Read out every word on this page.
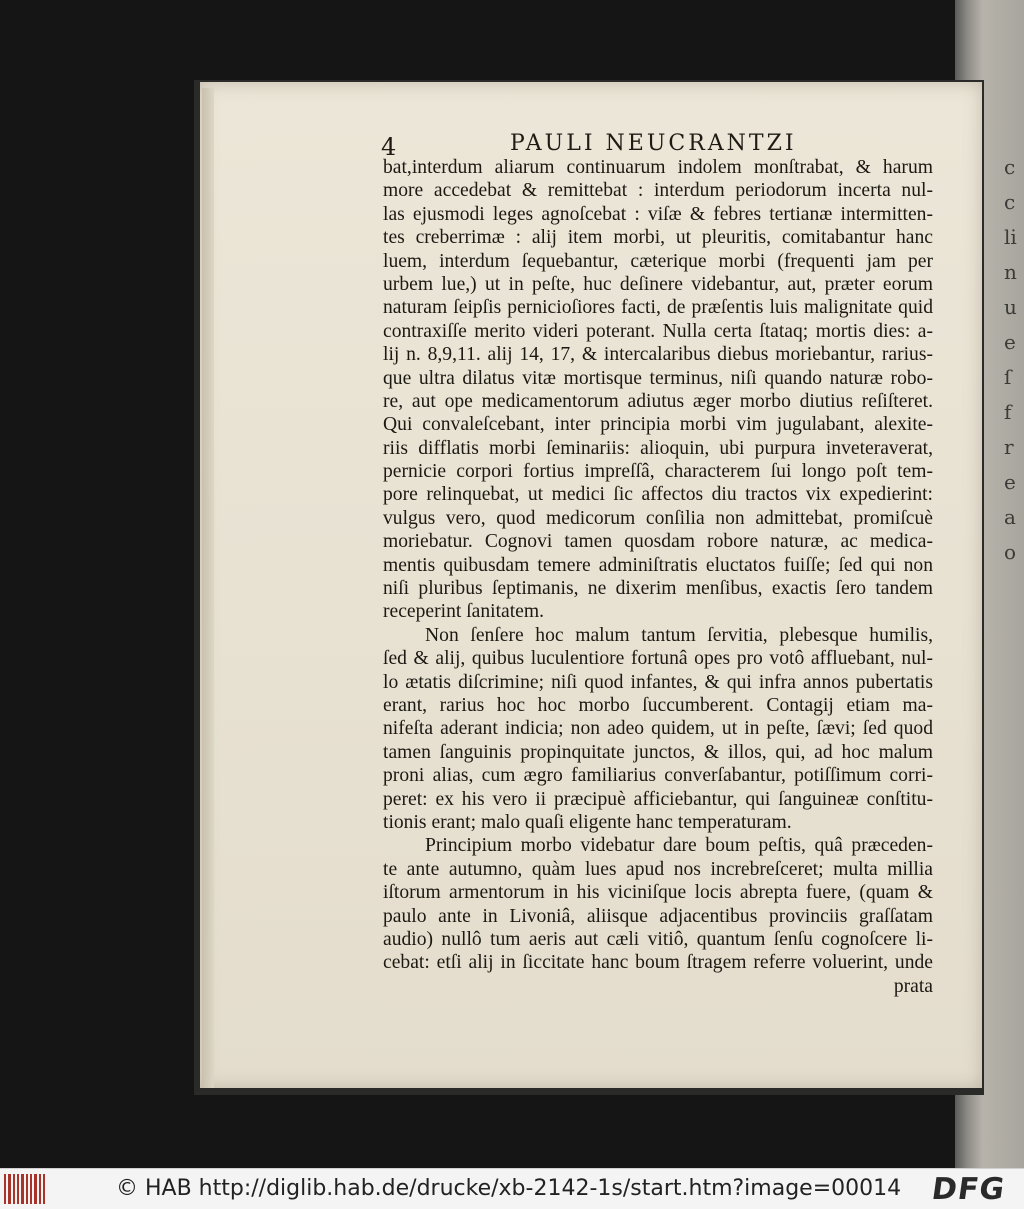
c
c
li
n
u
e
ſ
f
r
e
a
o
4	PAULI NEUCRANTZI
bat,interdum aliarum continuarum indolem monſtrabat, & harum
more accedebat & remittebat : interdum periodorum incerta nul-
las ejusmodi leges agnoſcebat : viſæ & febres tertianæ intermitten-
tes creberrimæ : alij item morbi, ut pleuritis, comitabantur hanc
luem, interdum ſequebantur, cæterique morbi (frequenti jam per
urbem lue,) ut in peſte, huc deſinere videbantur, aut, præter eorum
naturam ſeipſis pernicioſiores facti, de præſentis luis malignitate quid
contraxiſſe merito videri poterant. Nulla certa ſtataq; mortis dies: a-
lij n. 8,9,11. alij 14, 17, & intercalaribus diebus moriebantur, rarius-
que ultra dilatus vitæ mortisque terminus, niſi quando naturæ robo-
re, aut ope medicamentorum adiutus æger morbo diutius reſiſteret.
Qui convaleſcebant, inter principia morbi vim jugulabant, alexite-
riis difflatis morbi ſeminariis: alioquin, ubi purpura inveteraverat,
pernicie corpori fortius impreſſâ, characterem ſui longo poſt tem-
pore relinquebat, ut medici ſic affectos diu tractos vix expedierint:
vulgus vero, quod medicorum conſilia non admittebat, promiſcuè
moriebatur. Cognovi tamen quosdam robore naturæ, ac medica-
mentis quibusdam temere adminiſtratis eluctatos fuiſſe; ſed qui non
niſi pluribus ſeptimanis, ne dixerim menſibus, exactis ſero tandem
receperint ſanitatem.
Non ſenſere hoc malum tantum ſervitia, plebesque humilis,
ſed & alij, quibus luculentiore fortunâ opes pro votô affluebant, nul-
lo ætatis diſcrimine; niſi quod infantes, & qui infra annos pubertatis
erant, rarius hoc hoc morbo ſuccumberent. Contagij etiam ma-
nifeſta aderant indicia; non adeo quidem, ut in peſte, ſævi; ſed quod
tamen ſanguinis propinquitate junctos, & illos, qui, ad hoc malum
proni alias, cum ægro familiarius converſabantur, potiſſimum corri-
peret: ex his vero ii præcipuè afficiebantur, qui ſanguineæ conſtitu-
tionis erant; malo quaſi eligente hanc temperaturam.
Principium morbo videbatur dare boum peſtis, quâ præceden-
te ante autumno, quàm lues apud nos increbreſceret; multa millia
iſtorum armentorum in his viciniſque locis abrepta fuere, (quam &
paulo ante in Livoniâ, aliisque adjacentibus provinciis graſſatam
audio) nullô tum aeris aut cæli vitiô, quantum ſenſu cognoſcere li-
cebat: etſi alij in ſiccitate hanc boum ſtragem referre voluerint, unde
prata
© HAB http://diglib.hab.de/drucke/xb-2142-1s/start.htm?image=00014 DFG
